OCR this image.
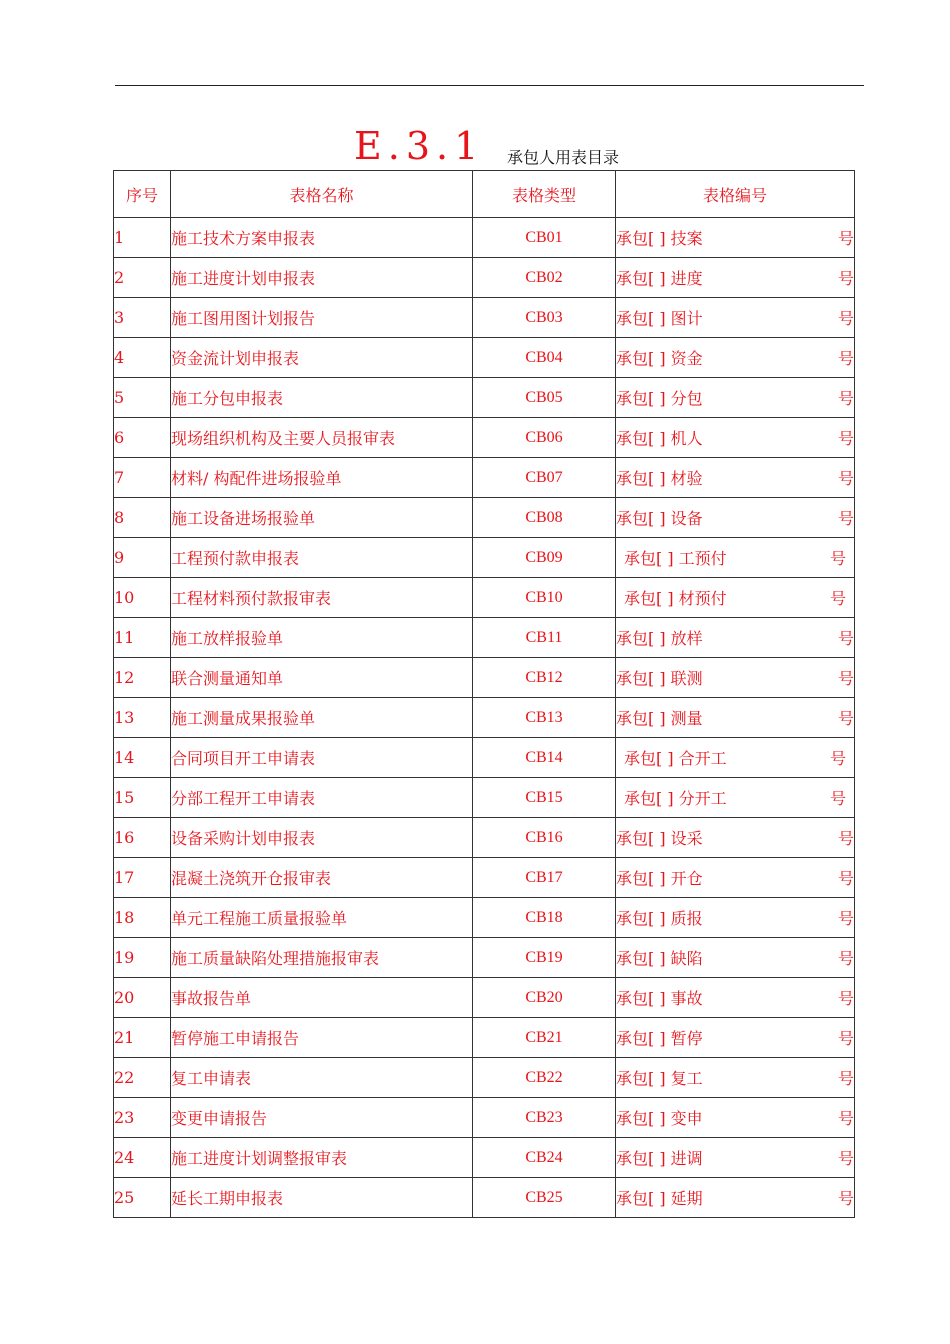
E.3.1 承包人用表目录
序号	表格名称	表格类型	表格编号
1	施工技术方案申报表	CB01	承包[ ] 技案 号

2	施工进度计划申报表	CB02	承包[ ] 进度 号

3	施工图用图计划报告	CB03	承包[ ] 图计 号

4	资金流计划申报表	CB04	承包[ ] 资金 号

5	施工分包申报表	CB05	承包[ ] 分包 号

6	现场组织机构及主要人员报审表	CB06	承包[ ] 机人 号

7	材料/ 构配件进场报验单	CB07	承包[ ] 材验 号

8	施工设备进场报验单	CB08	承包[ ] 设备 号

9	工程预付款申报表	CB09	承包[ ] 工预付 号

10	工程材料预付款报审表	CB10	承包[ ] 材预付 号

11	施工放样报验单	CB11	承包[ ] 放样 号

12	联合测量通知单	CB12	承包[ ] 联测 号

13	施工测量成果报验单	CB13	承包[ ] 测量 号

14	合同项目开工申请表	CB14	承包[ ] 合开工 号

15	分部工程开工申请表	CB15	承包[ ] 分开工 号

16	设备采购计划申报表	CB16	承包[ ] 设采 号

17	混凝土浇筑开仓报审表	CB17	承包[ ] 开仓 号

18	单元工程施工质量报验单	CB18	承包[ ] 质报 号

19	施工质量缺陷处理措施报审表	CB19	承包[ ] 缺陷 号

20	事故报告单	CB20	承包[ ] 事故 号

21	暂停施工申请报告	CB21	承包[ ] 暂停 号

22	复工申请表	CB22	承包[ ] 复工 号

23	变更申请报告	CB23	承包[ ] 变申 号

24	施工进度计划调整报审表	CB24	承包[ ] 进调 号

25	延长工期申报表	CB25	承包[ ] 延期 号
